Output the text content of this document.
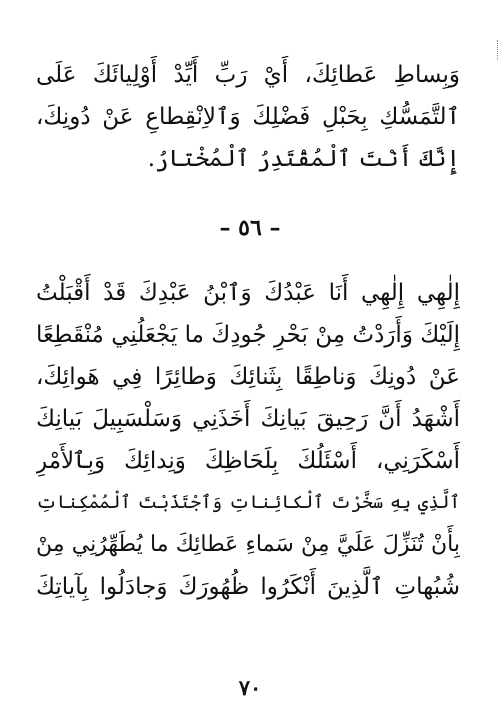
وَبِساطِ عَطائِكَ، أَيْ رَبِّ أَيِّدْ أَوْلِيائَكَ عَلَى
ٱلتَّمَسُّكِ بِحَبْلِ فَضْلِكَ وَٱلاِنْقِطاعِ عَنْ دُونِكَ،
إِنَّكَ أَنْتَ ٱلْمُقْتَدِرُ ٱلْمُخْتارُ.
– ٥٦ –
إِلٰهِي إِلٰهِي أَنَا عَبْدُكَ وَٱبْنُ عَبْدِكَ قَدْ أَقْبَلْتُ
إِلَيْكَ وَأَرَدْتُ مِنْ بَحْرِ جُودِكَ ما يَجْعَلُنِي مُنْقَطِعًا
عَنْ دُونِكَ وَناطِقًا بِثَنائِكَ وَطائِرًا فِي هَوائِكَ،
أَشْهَدُ أَنَّ رَحِيقَ بَيانِكَ أَخَذَنِي وَسَلْسَبِيلَ بَيانِكَ
أَسْكَرَنِي، أَسْئَلُكَ بِلَحَاظِكَ وَنِدائِكَ وَبِٱلأَمْرِ
ٱلَّذِي بِهِ سَخَّرْتَ ٱلْكائِناتِ وَٱجْتَذَبْتَ ٱلْمُمْكِناتِ
بِأَنْ تُنَزِّلَ عَلَيَّ مِنْ سَماءِ عَطائِكَ ما يُطَهِّرُنِي مِنْ
شُبُهاتِ ٱلَّذِينَ أَنْكَرُوا ظُهُورَكَ وَجادَلُوا بِآياتِكَ
٧٠
